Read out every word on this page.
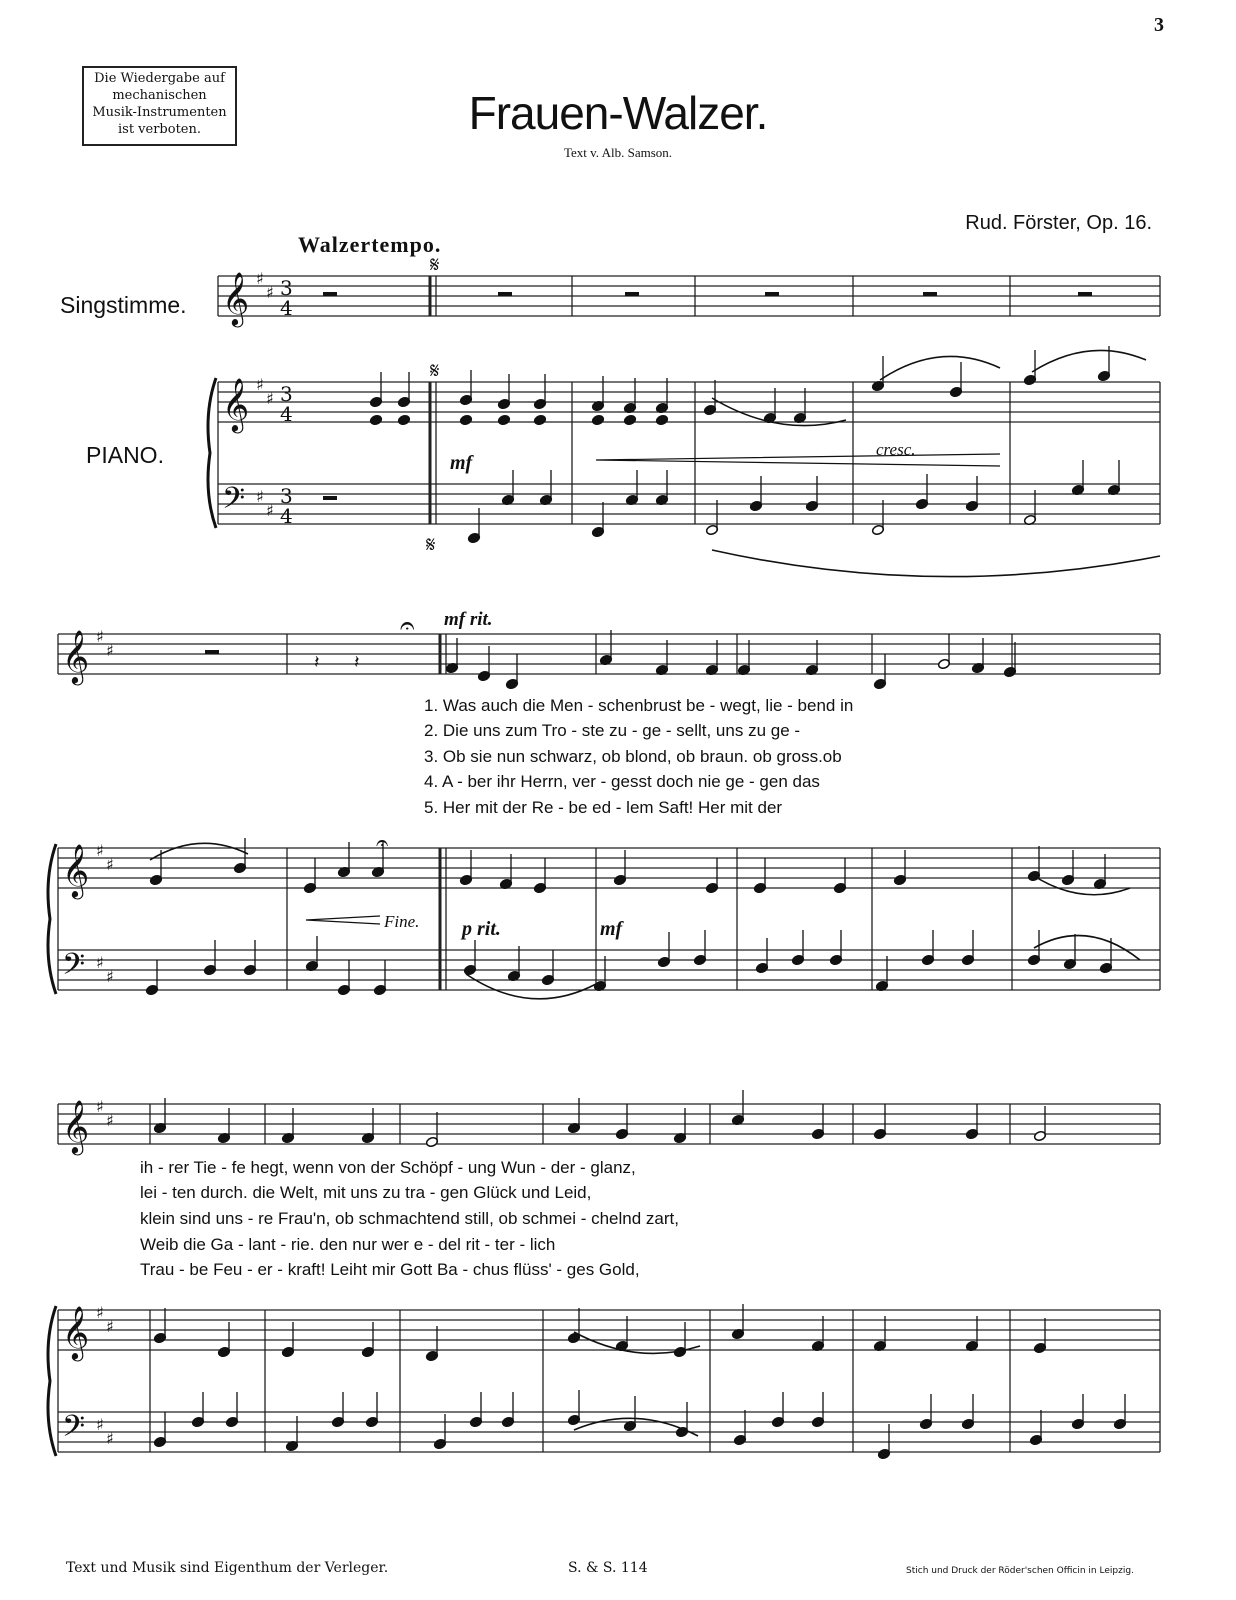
Die Wiedergabe auf mechanischen Musik-Instrumenten ist verboten.
3
Frauen-Walzer.
Text v. Alb. Samson.
Rud. Förster, Op. 16.
Walzertempo.
Singstimme.
PIANO.	mf
cresc.
mf rit.
Fine. p rit.	mf
1. Was auch die Men - schenbrust be - wegt, lie - bend in
2. Die uns zum Tro - ste zu - ge - sellt, uns zu ge -
3. Ob sie nun schwarz, ob blond, ob braun. ob gross.ob
4. A - ber ihr Herrn, ver - gesst doch nie ge - gen das
5. Her mit der Re - be ed - lem Saft! Her mit der
ih - rer Tie - fe hegt, wenn von der Schöpf - ung Wun - der - glanz,
lei - ten durch. die Welt, mit uns zu tra - gen Glück und Leid,
klein sind uns - re Frau'n, ob schmachtend still, ob schmei - chelnd zart,
Weib die Ga - lant - rie. den nur wer e - del rit - ter - lich
Trau - be Feu - er - kraft! Leiht mir Gott Ba - chus flüss' - ges Gold,
Text und Musik sind Eigenthum der Verleger.	S. & S. 114	Stich und Druck der Röder'schen Officin in Leipzig.
𝄞
𝄞
𝄢
♯
♯
♯
♯
♯
♯
3
4
3
4
3
4
𝄞
𝄞
𝄢
♯
♯
♯
♯
♯
♯
𝄞
𝄞
𝄢
♯
♯
♯
♯
♯
♯
𝄋
𝄋
𝄋
𝄐
𝄐
𝄽 𝄽
